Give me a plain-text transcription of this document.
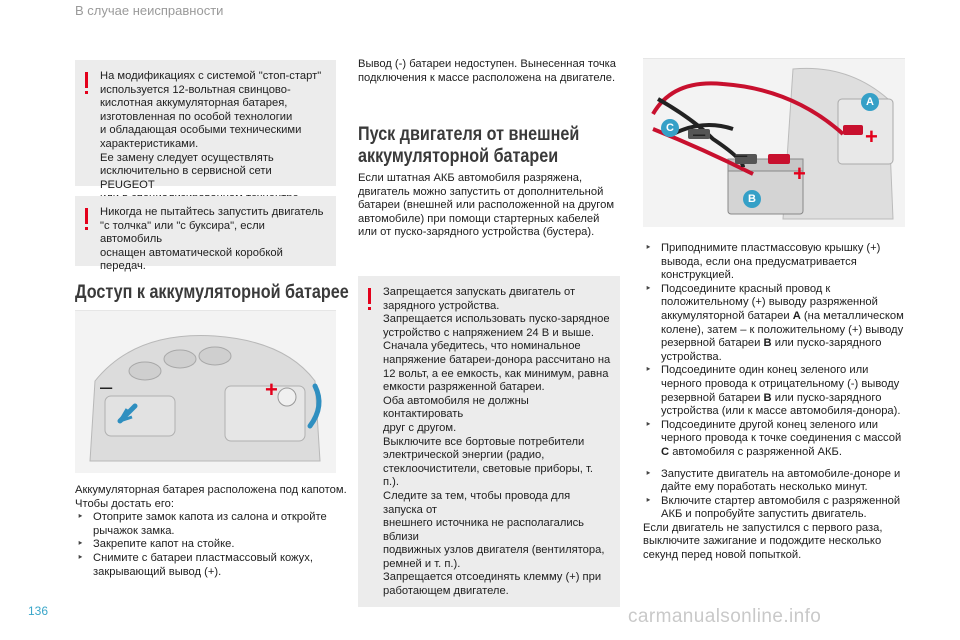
В случае неисправности
136	carmanualsonline.info
На модификациях с системой "стоп-старт"
используется 12-вольтная свинцово-
кислотная аккумуляторная батарея,
изготовленная по особой технологии
и обладающая особыми техническими
характеристиками.
Ее замену следует осуществлять
исключительно в сервисной сети PEUGEOT

Никогда не пытайтесь запустить двигатель
"с толчка" или "с буксира", если автомобиль
оснащен автоматической коробкой передач.
Доступ к аккумуляторной батарее
–	+
Аккумуляторная батарея расположена под капотом.
Чтобы достать его:
‣ Отоприте замок капота из салона и откройте рычажок замка.
‣ Закрепите капот на стойке.
‣ Снимите с батареи пластмассовый кожух, закрывающий вывод (+).
Вывод (-) батареи недоступен. Вынесенная точка подключения к массе расположена на двигателе.
Пуск двигателя от внешней
аккумуляторной батареи
Если штатная АКБ автомобиля разряжена, двигатель можно запустить от дополнительной батареи (внешней или расположенной на другом автомобиле) при помощи стартерных кабелей или от пуско-зарядного устройства (бустера).
Запрещается запускать двигатель от
зарядного устройства.
Запрещается использовать пуско-зарядное
устройство с напряжением 24 В и выше.
Сначала убедитесь, что номинальное
напряжение батареи-донора рассчитано на
12 вольт, а ее емкость, как минимум, равна
емкости разряженной батареи.
Оба автомобиля не должны контактировать
друг с другом.
Выключите все бортовые потребители
электрической энергии (радио,
стеклоочистители, световые приборы, т. п.).
Следите за тем, чтобы провода для запуска от
внешнего источника не располагались вблизи
подвижных узлов двигателя (вентилятора,
ремней и т. п.).
Запрещается отсоединять клемму (+) при
работающем двигателе.
–
–
+
+
A
B
C
‣ Приподнимите пластмассовую крышку (+) вывода, если она предусматривается конструкцией.
‣ Подсоедините красный провод к положительному (+) выводу разряженной аккумуляторной батареи A (на металлическом колене), затем – к положительному (+) выводу резервной батареи B или пуско-зарядного устройства.
‣ Подсоедините один конец зеленого или черного провода к отрицательному (-) выводу резервной батареи B или пуско-зарядного устройства (или к массе автомобиля-донора).
‣ Подсоедините другой конец зеленого или черного провода к точке соединения с массой C автомобиля с разряженной АКБ.
‣ Запустите двигатель на автомобиле-доноре и дайте ему поработать несколько минут.
‣ Включите стартер автомобиля с разряженной АКБ и попробуйте запустить двигатель.
Если двигатель не запустился с первого раза, выключите зажигание и подождите несколько секунд перед новой попыткой.
